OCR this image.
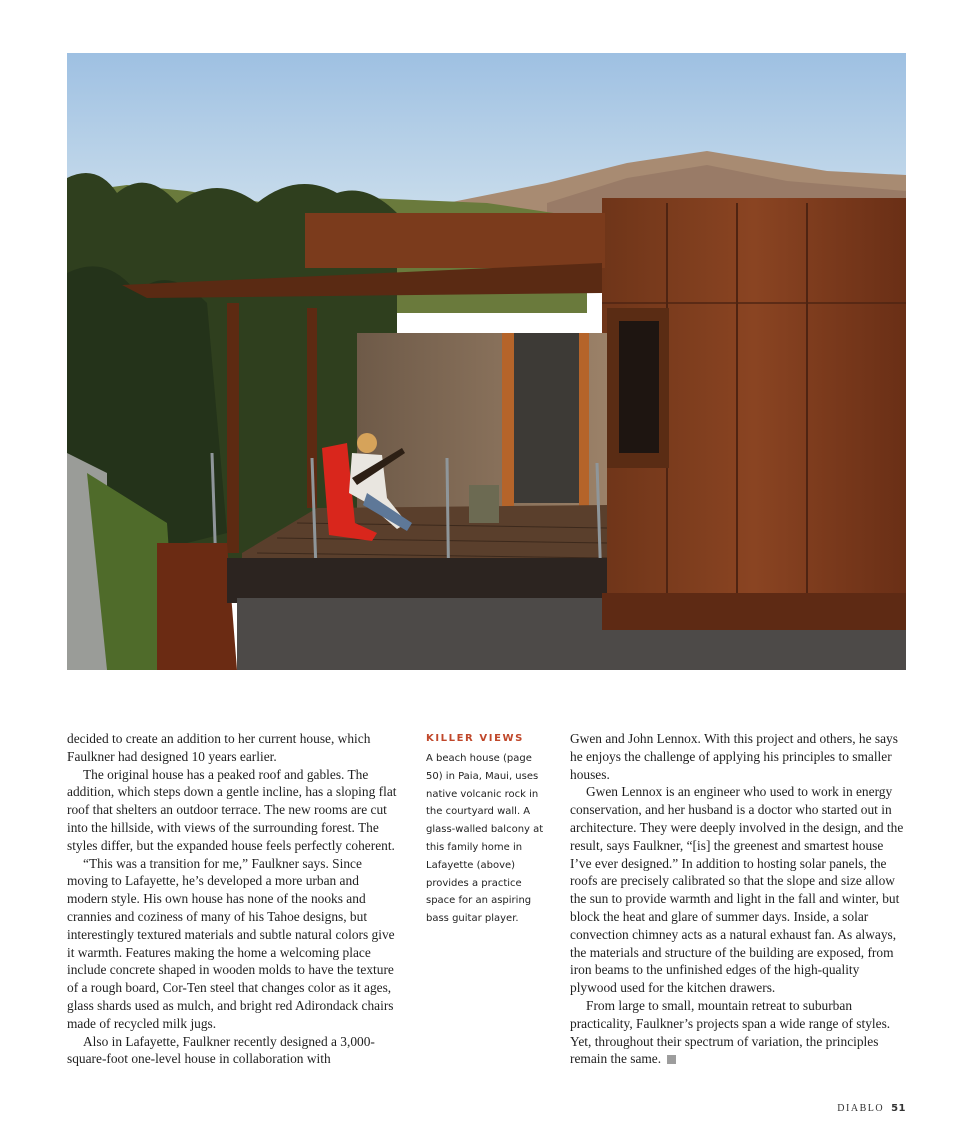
decided to create an addition to her current house, which Faulkner had designed 10 years earlier.

The original house has a peaked roof and gables. The addition, which steps down a gentle incline, has a sloping flat roof that shelters an outdoor terrace. The new rooms are cut into the hillside, with views of the surrounding forest. The styles differ, but the expanded house feels perfectly coherent.

“This was a transition for me,” Faulkner says. Since moving to Lafayette, he’s developed a more urban and modern style. His own house has none of the nooks and crannies and coziness of many of his Tahoe designs, but interestingly textured materials and subtle natural colors give it warmth. Features making the home a welcoming place include concrete shaped in wooden molds to have the texture of a rough board, Cor-Ten steel that changes color as it ages, glass shards used as mulch, and bright red Adirondack chairs made of recycled milk jugs.

Also in Lafayette, Faulkner recently designed a 3,000-square-foot one-level house in collaboration with

KILLER VIEWS

A beach house (page 50) in Paia, Maui, uses native volcanic rock in the courtyard wall. A glass-walled balcony at this family home in Lafayette (above) provides a practice space for an aspiring bass guitar player.

Gwen and John Lennox. With this project and others, he says he enjoys the challenge of applying his principles to smaller houses.

Gwen Lennox is an engineer who used to work in energy conservation, and her husband is a doctor who started out in architecture. They were deeply involved in the design, and the result, says Faulkner, “[is] the greenest and smartest house I’ve ever designed.” In addition to hosting solar panels, the roofs are precisely calibrated so that the slope and size allow the sun to provide warmth and light in the fall and winter, but block the heat and glare of summer days. Inside, a solar convection chimney acts as a natural exhaust fan. As always, the materials and structure of the building are exposed, from iron beams to the unfinished edges of the high-quality plywood used for the kitchen drawers.

From large to small, mountain retreat to suburban practicality, Faulkner’s projects span a wide range of styles. Yet, throughout their spectrum of variation, the principles remain the same.

DIABLO 51
